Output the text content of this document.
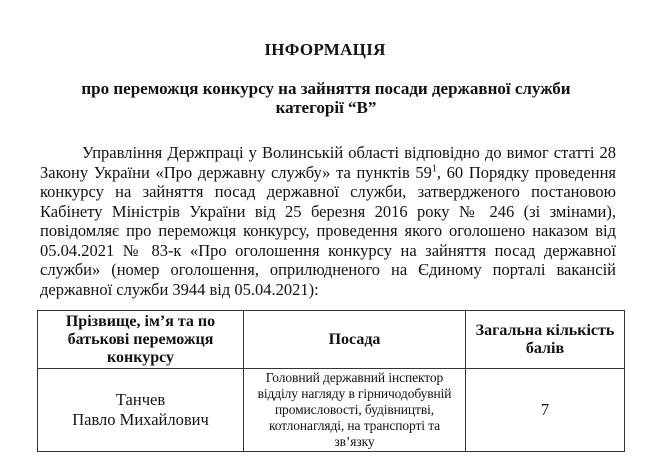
ІНФОРМАЦІЯ
про переможця конкурсу на зайняття посади державної служби
категорії “В”
Управління Держпраці у Волинській області відповідно до вимог статті 28 Закону України «Про державну службу» та пунктів $59^1$, 60 Порядку проведення конкурсу на зайняття посад державної служби, затвердженого постановою Кабінету Міністрів України від 25 березня 2016 року № 246 (зі змінами), повідомляє про переможця конкурсу, проведення якого оголошено наказом від 05.04.2021 № 83-к «Про оголошення конкурсу на зайняття посад державної служби» (номер оголошення, оприлюдненого на Єдиному порталі вакансій державної служби 3944 від 05.04.2021):
Прізвище, ім’я та по батькові переможця конкурсу	Посада	Загальна кількість балів

Танчев
Павло Михайлович	Головний державний інспектор відділу нагляду в гірничодобувній промисловості, будівництві, котлонагляді, на транспорті та зв’язку	7
